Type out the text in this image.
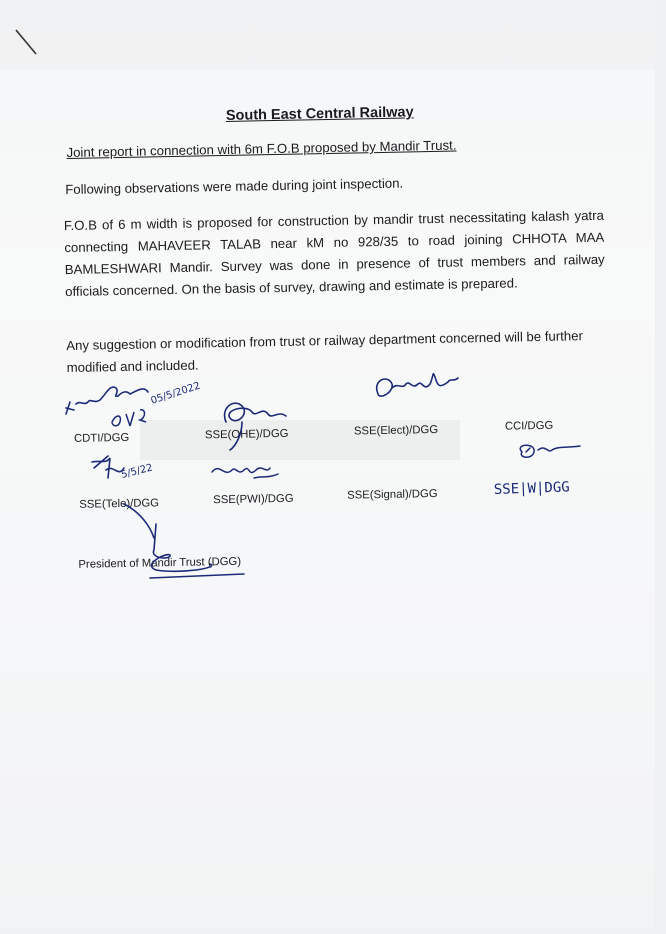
South East Central Railway
Joint report in connection with 6m F.O.B proposed by Mandir Trust.
Following observations were made during joint inspection.
F.O.B of 6 m width is proposed for construction by mandir trust necessitating kalash yatra connecting MAHAVEER TALAB near kM no 928/35 to road joining CHHOTA MAA BAMLESHWARI Mandir. Survey was done in presence of trust members and railway officials concerned. On the basis of survey, drawing and estimate is prepared.
Any suggestion or modification from trust or railway department concerned will be further modified and included.
CDTI/DGG	SSE(OHE)/DGG	SSE(Elect)/DGG	CCI/DGG
SSE(Tele)/DGG	SSE(PWI)/DGG	SSE(Signal)/DGG
President of Mandir Trust (DGG)
05/5/2022
5/5/22
SSE|W|DGG
